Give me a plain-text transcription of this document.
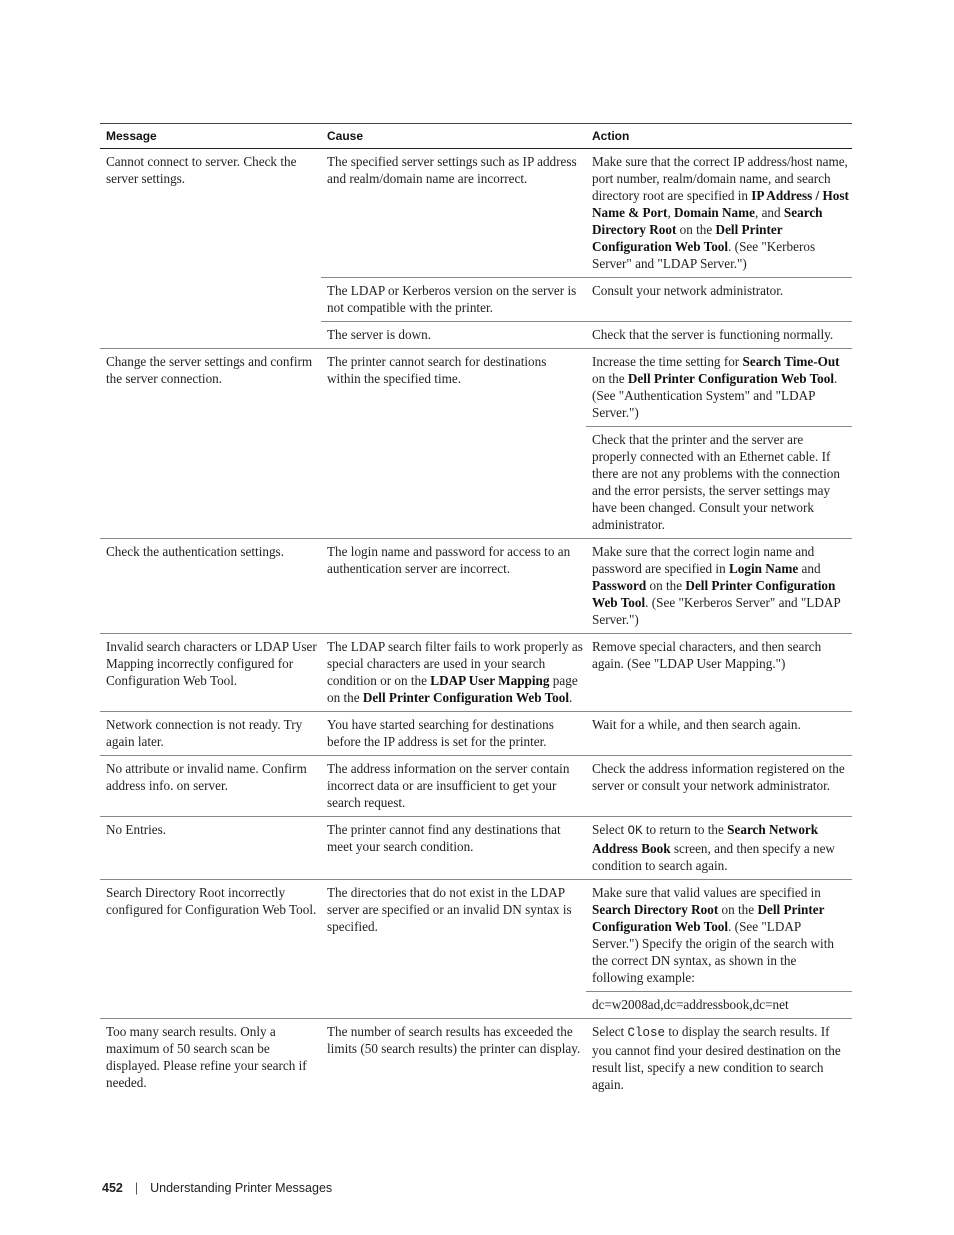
Message	Cause	Action
Cannot connect to server. Check the server settings.	The specified server settings such as IP address and realm/domain name are incorrect.	Make sure that the correct IP address/host name, port number, realm/domain name, and search directory root are specified in IP Address / Host Name & Port, Domain Name, and Search Directory Root on the Dell Printer Configuration Web Tool. (See "Kerberos Server" and "LDAP Server.")
	The LDAP or Kerberos version on the server is not compatible with the printer.	Consult your network administrator.
	The server is down.	Check that the server is functioning normally.
Change the server settings and confirm the server connection.	The printer cannot search for destinations within the specified time.	Increase the time setting for Search Time-Out on the Dell Printer Configuration Web Tool. (See "Authentication System" and "LDAP Server.")
		Check that the printer and the server are properly connected with an Ethernet cable. If there are not any problems with the connection and the error persists, the server settings may have been changed. Consult your network administrator.
Check the authentication settings.	The login name and password for access to an authentication server are incorrect.	Make sure that the correct login name and password are specified in Login Name and Password on the Dell Printer Configuration Web Tool. (See "Kerberos Server" and "LDAP Server.")
Invalid search characters or LDAP User Mapping incorrectly configured for Configuration Web Tool.	The LDAP search filter fails to work properly as special characters are used in your search condition or on the LDAP User Mapping page on the Dell Printer Configuration Web Tool.	Remove special characters, and then search again. (See "LDAP User Mapping.")
Network connection is not ready. Try again later.	You have started searching for destinations before the IP address is set for the printer.	Wait for a while, and then search again.
No attribute or invalid name. Confirm address info. on server.	The address information on the server contain incorrect data or are insufficient to get your search request.	Check the address information registered on the server or consult your network administrator.
No Entries.	The printer cannot find any destinations that meet your search condition.	Select OK to return to the Search Network Address Book screen, and then specify a new condition to search again.
Search Directory Root incorrectly configured for Configuration Web Tool.	The directories that do not exist in the LDAP server are specified or an invalid DN syntax is specified.	Make sure that valid values are specified in Search Directory Root on the Dell Printer Configuration Web Tool. (See "LDAP Server.") Specify the origin of the search with the correct DN syntax, as shown in the following example:
		dc=w2008ad,dc=addressbook,dc=net
Too many search results. Only a maximum of 50 search scan be displayed. Please refine your search if needed.	The number of search results has exceeded the limits (50 search results) the printer can display.	Select Close to display the search results. If you cannot find your desired destination on the result list, specify a new condition to search again.
452 | Understanding Printer Messages
